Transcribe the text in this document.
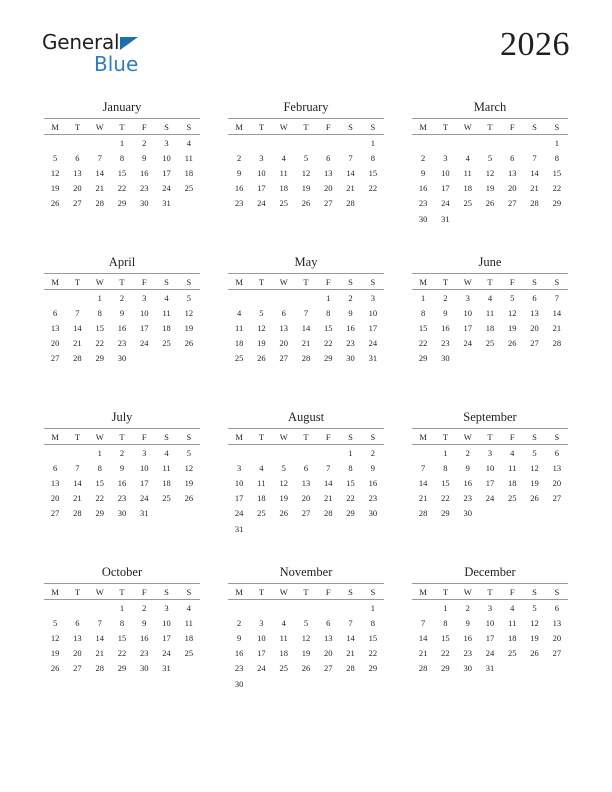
General
Blue
2026
January
M	T	W	T	F	S	S
			1	2	3	4
5	6	7	8	9	10	11
12	13	14	15	16	17	18
19	20	21	22	23	24	25
26	27	28	29	30	31	

February
M	T	W	T	F	S	S
						1
2	3	4	5	6	7	8
9	10	11	12	13	14	15
16	17	18	19	20	21	22
23	24	25	26	27	28	

March
M	T	W	T	F	S	S
						1
2	3	4	5	6	7	8
9	10	11	12	13	14	15
16	17	18	19	20	21	22
23	24	25	26	27	28	29
30	31					
April
M	T	W	T	F	S	S
		1	2	3	4	5
6	7	8	9	10	11	12
13	14	15	16	17	18	19
20	21	22	23	24	25	26
27	28	29	30			

May
M	T	W	T	F	S	S
				1	2	3
4	5	6	7	8	9	10
11	12	13	14	15	16	17
18	19	20	21	22	23	24
25	26	27	28	29	30	31

June
M	T	W	T	F	S	S
1	2	3	4	5	6	7
8	9	10	11	12	13	14
15	16	17	18	19	20	21
22	23	24	25	26	27	28
29	30					

July
M	T	W	T	F	S	S
		1	2	3	4	5
6	7	8	9	10	11	12
13	14	15	16	17	18	19
20	21	22	23	24	25	26
27	28	29	30	31		

August
M	T	W	T	F	S	S
					1	2
3	4	5	6	7	8	9
10	11	12	13	14	15	16
17	18	19	20	21	22	23
24	25	26	27	28	29	30
31						
September
M	T	W	T	F	S	S
	1	2	3	4	5	6
7	8	9	10	11	12	13
14	15	16	17	18	19	20
21	22	23	24	25	26	27
28	29	30				

October
M	T	W	T	F	S	S
			1	2	3	4
5	6	7	8	9	10	11
12	13	14	15	16	17	18
19	20	21	22	23	24	25
26	27	28	29	30	31	

November
M	T	W	T	F	S	S
						1
2	3	4	5	6	7	8
9	10	11	12	13	14	15
16	17	18	19	20	21	22
23	24	25	26	27	28	29
30						
December
M	T	W	T	F	S	S
	1	2	3	4	5	6
7	8	9	10	11	12	13
14	15	16	17	18	19	20
21	22	23	24	25	26	27
28	29	30	31			
